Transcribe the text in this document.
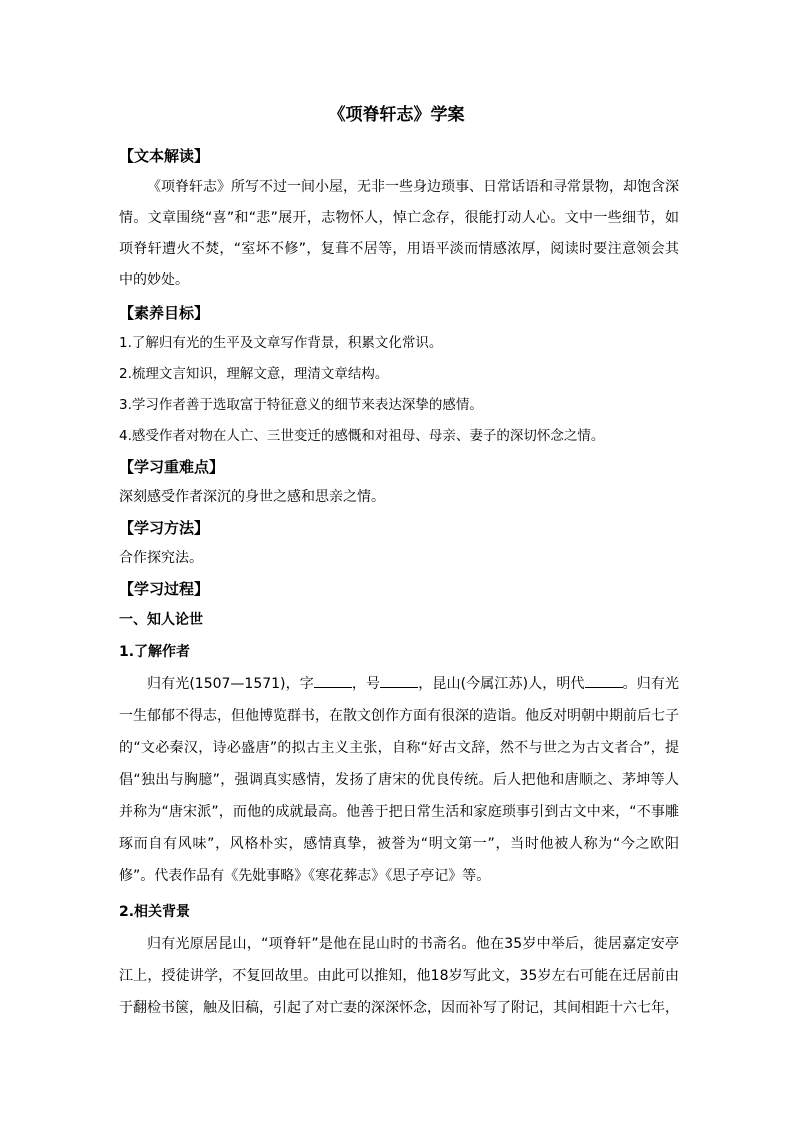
《项脊轩志》学案
【文本解读】

《项脊轩志》所写不过一间小屋，无非一些身边琐事、日常话语和寻常景物，却饱含深情。文章围绕“喜”和“悲”展开，志物怀人，悼亡念存，很能打动人心。文中一些细节，如项脊轩遭火不焚，“室坏不修”，复葺不居等，用语平淡而情感浓厚，阅读时要注意领会其中的妙处。

【素养目标】

1.了解归有光的生平及文章写作背景，积累文化常识。

2.梳理文言知识，理解文意，理清文章结构。

3.学习作者善于选取富于特征意义的细节来表达深挚的感情。

4.感受作者对物在人亡、三世变迁的感慨和对祖母、母亲、妻子的深切怀念之情。

【学习重难点】

深刻感受作者深沉的身世之感和思亲之情。

【学习方法】

合作探究法。

【学习过程】

一、知人论世

1.了解作者

归有光(1507—1571)，字	，号	，昆山(今属江苏)人，明代	。归有光一生郁郁不得志，但他博览群书，在散文创作方面有很深的造诣。他反对明朝中期前后七子的“文必秦汉，诗必盛唐”的拟古主义主张，自称“好古文辞，然不与世之为古文者合”，提倡“独出与胸臆”，强调真实感情，发扬了唐宋的优良传统。后人把他和唐顺之、茅坤等人并称为“唐宋派”，而他的成就最高。他善于把日常生活和家庭琐事引到古文中来，“不事雕琢而自有风味”，风格朴实，感情真挚，被誉为“明文第一”，当时他被人称为“今之欧阳修”。代表作品有《先妣事略》《寒花葬志》《思子亭记》等。

2.相关背景

归有光原居昆山，“项脊轩”是他在昆山时的书斋名。他在35岁中举后，徙居嘉定安亭江上，授徒讲学，不复回故里。由此可以推知，他18岁写此文，35岁左右可能在迁居前由于翻检书箧，触及旧稿，引起了对亡妻的深深怀念，因而补写了附记，其间相距十六七年，
